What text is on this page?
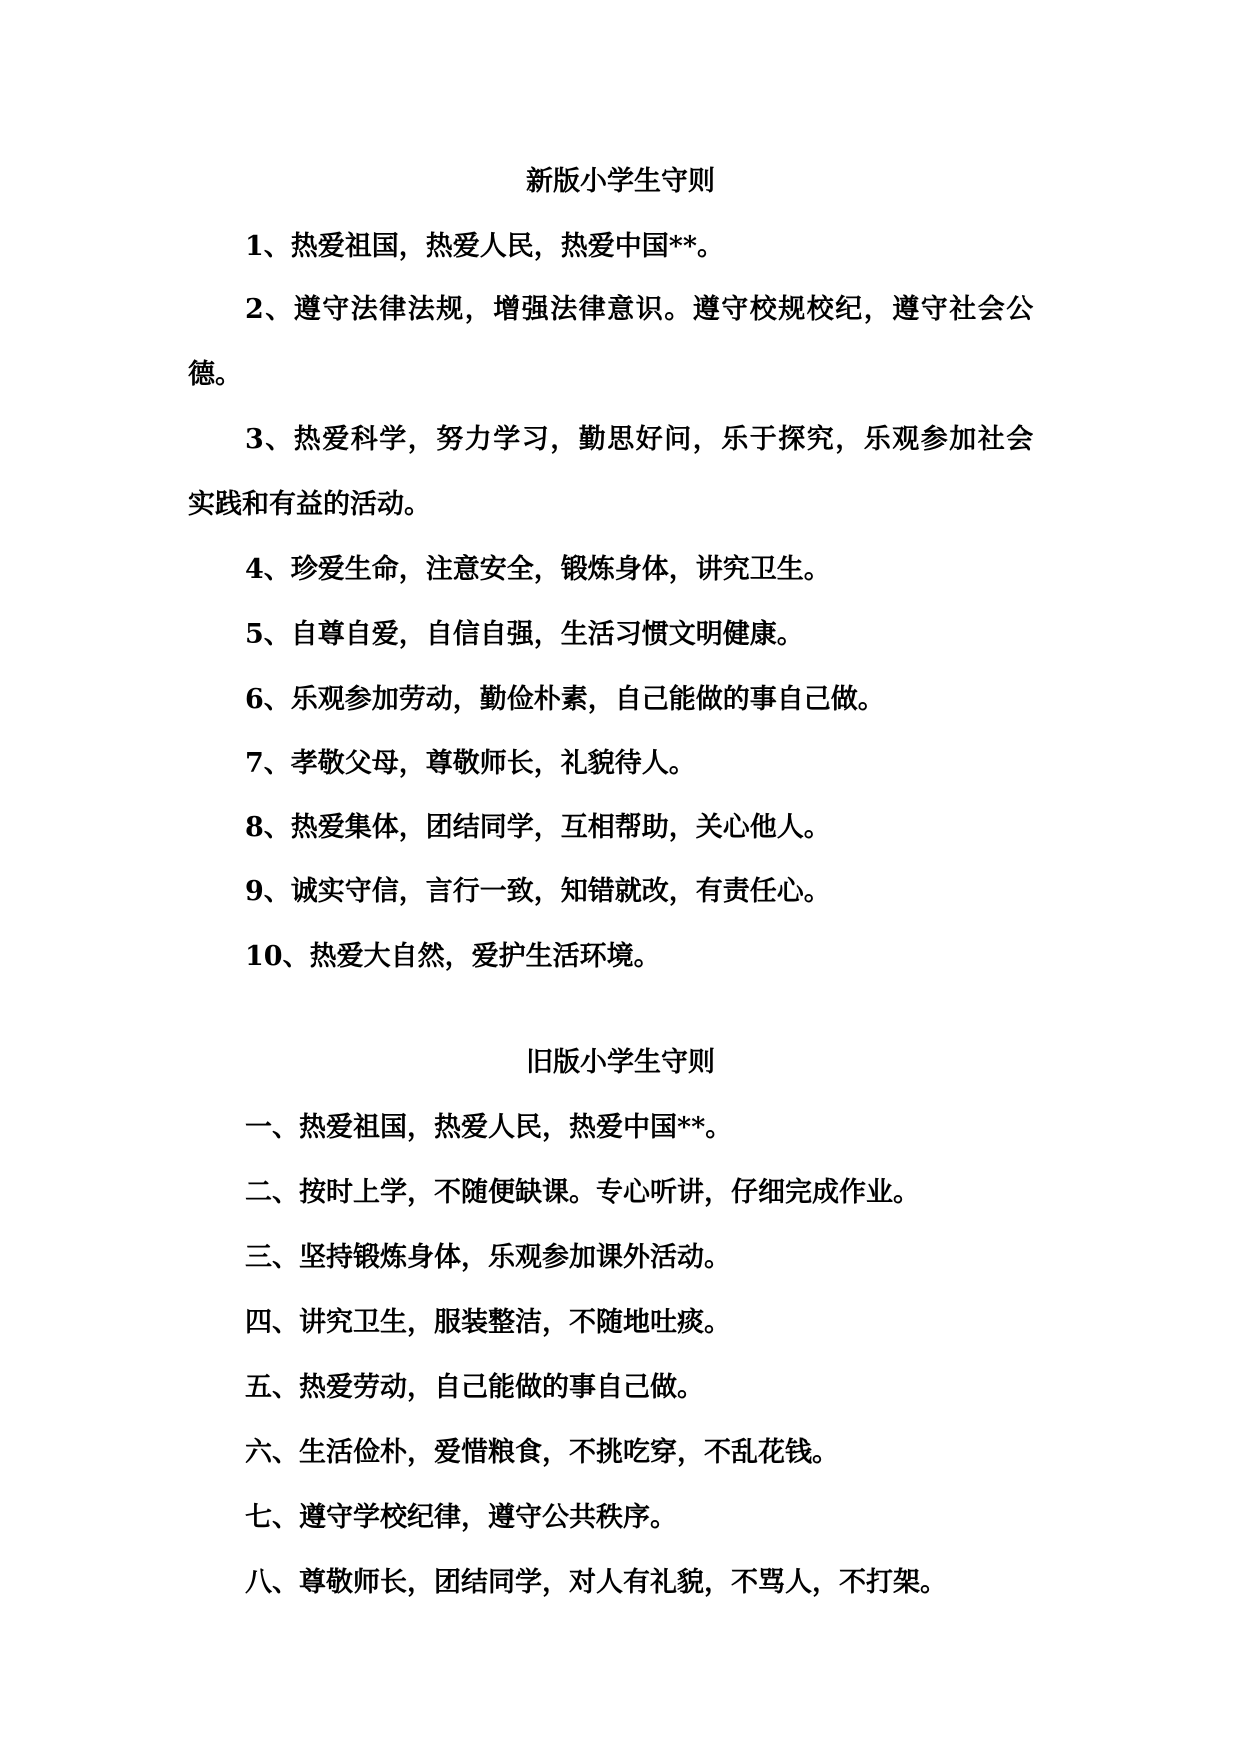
新版小学生守则
1、热爱祖国，热爱人民，热爱中国**。
2、遵守法律法规，增强法律意识。遵守校规校纪，遵守社会公
德。
3、热爱科学，努力学习，勤思好问，乐于探究，乐观参加社会
实践和有益的活动。
4、珍爱生命，注意安全，锻炼身体，讲究卫生。
5、自尊自爱，自信自强，生活习惯文明健康。
6、乐观参加劳动，勤俭朴素，自己能做的事自己做。
7、孝敬父母，尊敬师长，礼貌待人。
8、热爱集体，团结同学，互相帮助，关心他人。
9、诚实守信，言行一致，知错就改，有责任心。
10、热爱大自然，爱护生活环境。
旧版小学生守则
一、热爱祖国，热爱人民，热爱中国**。
二、按时上学，不随便缺课。专心听讲，仔细完成作业。
三、坚持锻炼身体，乐观参加课外活动。
四、讲究卫生，服装整洁，不随地吐痰。
五、热爱劳动，自己能做的事自己做。
六、生活俭朴，爱惜粮食，不挑吃穿，不乱花钱。
七、遵守学校纪律，遵守公共秩序。
八、尊敬师长，团结同学，对人有礼貌，不骂人，不打架。
